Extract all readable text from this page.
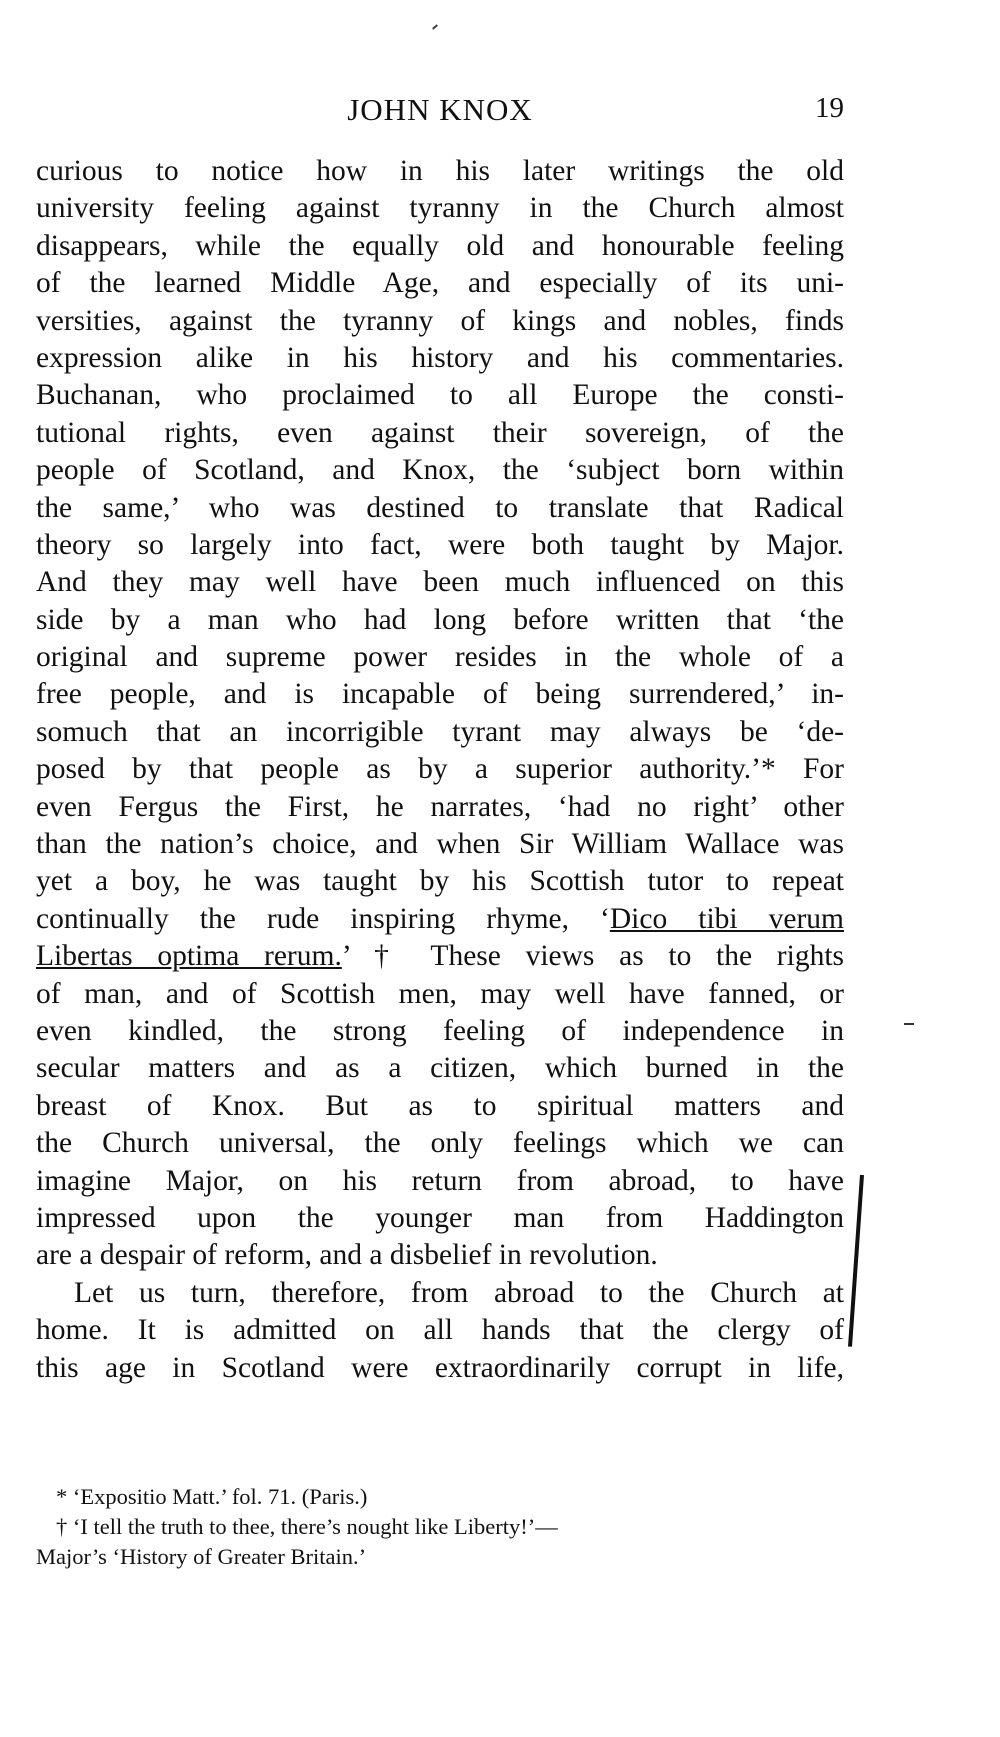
JOHN KNOX	19
curious to notice how in his later writings the old
university feeling against tyranny in the Church almost
disappears, while the equally old and honourable feeling
of the learned Middle Age, and especially of its uni-
versities, against the tyranny of kings and nobles, finds
expression alike in his history and his commentaries.
Buchanan, who proclaimed to all Europe the consti-
tutional rights, even against their sovereign, of the
people of Scotland, and Knox, the ‘subject born within
the same,’ who was destined to translate that Radical
theory so largely into fact, were both taught by Major.
And they may well have been much influenced on this
side by a man who had long before written that ‘the
original and supreme power resides in the whole of a
free people, and is incapable of being surrendered,’ in-
somuch that an incorrigible tyrant may always be ‘de-
posed by that people as by a superior authority.’* For
even Fergus the First, he narrates, ‘had no right’ other
than the nation’s choice, and when Sir William Wallace was
yet a boy, he was taught by his Scottish tutor to repeat
continually the rude inspiring rhyme, ‘Dico tibi verum
Libertas optima rerum.’ † These views as to the rights
of man, and of Scottish men, may well have fanned, or
even kindled, the strong feeling of independence in
secular matters and as a citizen, which burned in the
breast of Knox. But as to spiritual matters and
the Church universal, the only feelings which we can
imagine Major, on his return from abroad, to have
impressed upon the younger man from Haddington
are a despair of reform, and a disbelief in revolution.
Let us turn, therefore, from abroad to the Church at
home. It is admitted on all hands that the clergy of
this age in Scotland were extraordinarily corrupt in life,
* ‘Expositio Matt.’ fol. 71. (Paris.)
† ‘I tell the truth to thee, there’s nought like Liberty!’—
Major’s ‘History of Greater Britain.’
